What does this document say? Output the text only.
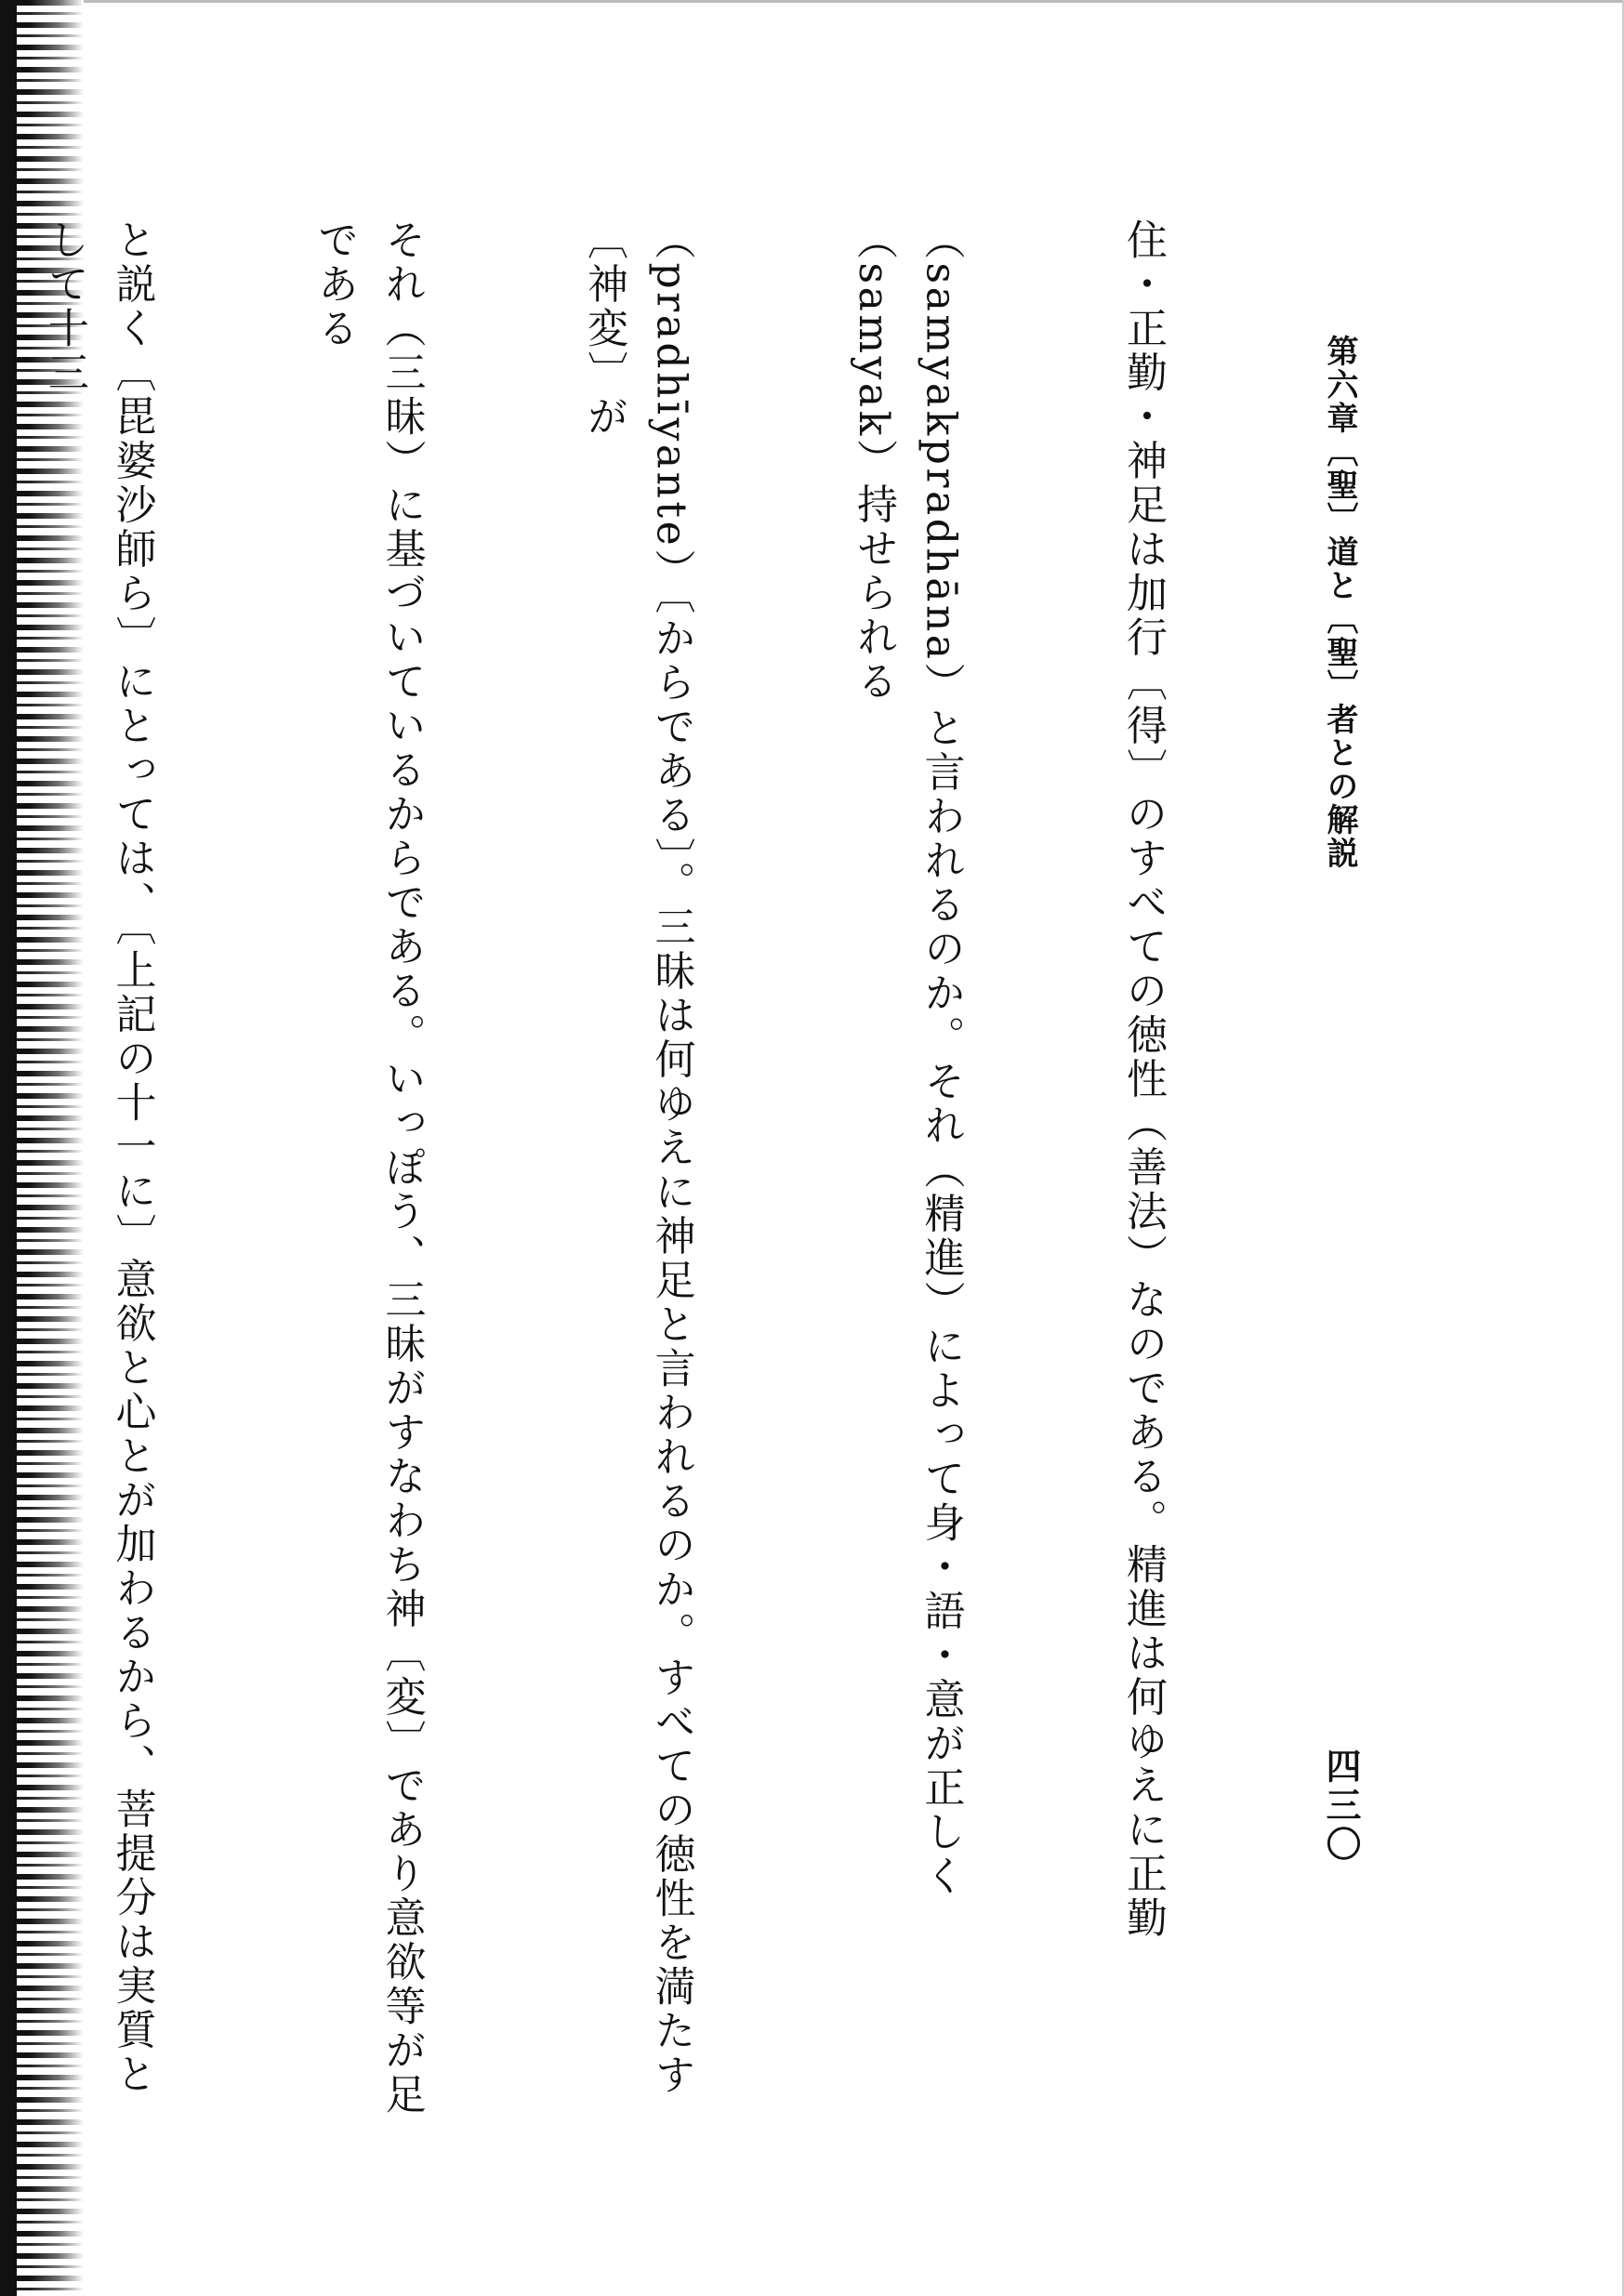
第六章〔聖〕道と〔聖〕者との解説
四三〇

住・正勤・神足は加行〔得〕のすべての徳性（善法）なのである。精進は何ゆえに正勤

（samyakpradhāna）と言われるのか。それ（精進）によって身・語・意が正しく（samyak）持せられる

（pradhīyante）〔からである〕。三昧は何ゆえに神足と言われるのか。すべての徳性を満たす〔神変〕が

それ（三昧）に基づいているからである。いっぽう、三昧がすなわち神〔変〕であり意欲等が足である

と説く〔毘婆沙師ら〕にとっては、〔上記の十一に〕意欲と心とが加わるから、菩提分は実質として十三
